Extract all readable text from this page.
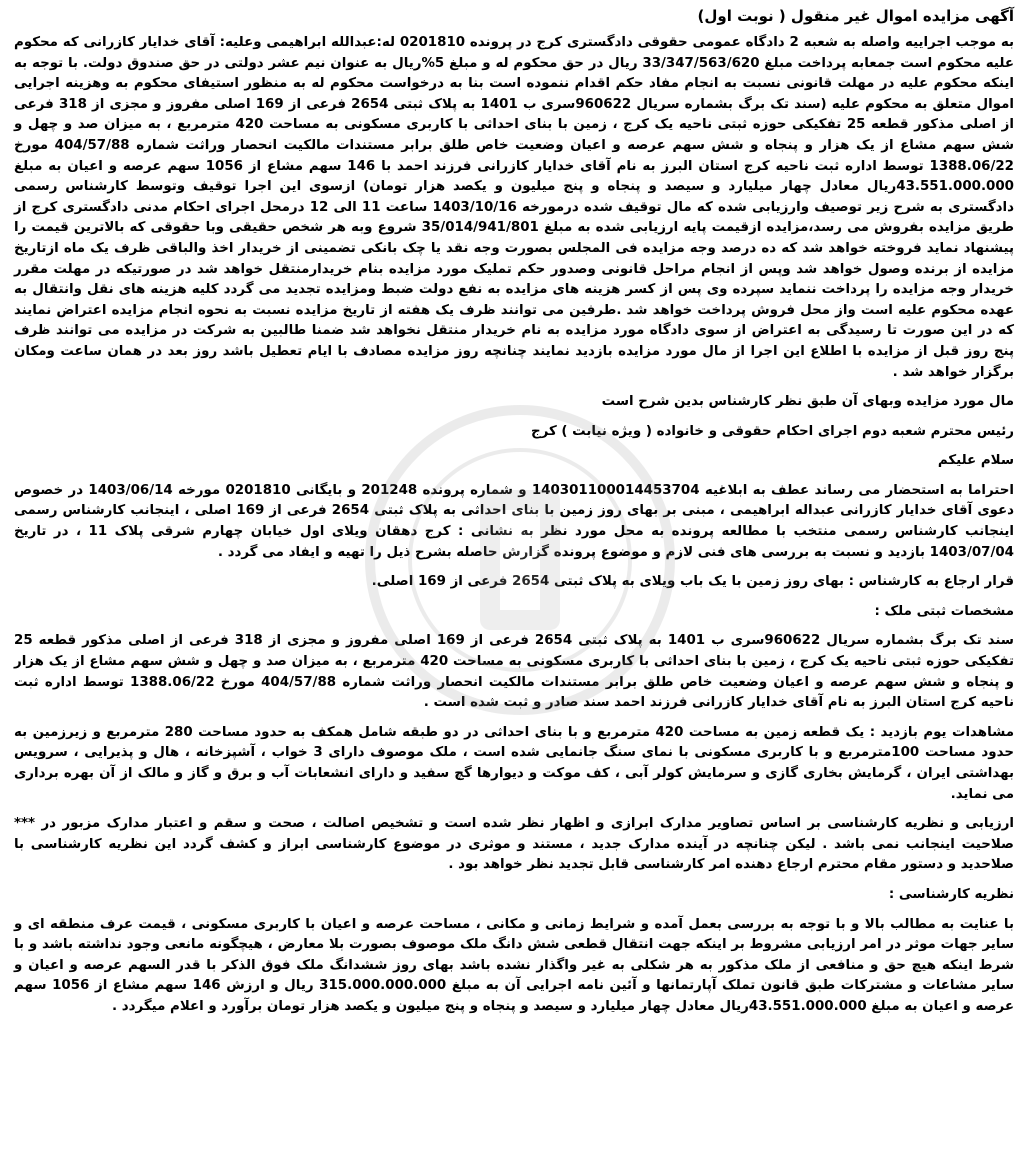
آگهی مزایده اموال غیر منقول ( نوبت اول)
به موجب اجراییه واصله به شعبه 2 دادگاه عمومی حقوقی دادگستری کرج در پرونده 0201810 له:عبدالله ابراهیمی وعلیه: آقای خدایار کازرانی که محکوم علیه محکوم است جمعابه پرداخت مبلغ 33/347/563/620 ریال در حق محکوم له و مبلغ 5%ریال به عنوان نیم عشر دولتی در حق صندوق دولت. با توجه به اینکه محکوم علیه در مهلت قانونی نسبت به انجام مفاد حکم اقدام ننموده است بنا به درخواست محکوم له به منظور استیفای محکوم به وهزینه اجرایی اموال متعلق به محکوم علیه (سند تک برگ بشماره سریال 960622سری ب 1401 به پلاک ثبتی 2654 فرعی از 169 اصلی مفروز و مجزی از 318 فرعی از اصلی مذکور قطعه 25 تفکیکی حوزه ثبتی ناحیه یک کرج ، زمین با بنای احداثی با کاربری مسکونی به مساحت 420 مترمربع ، به میزان صد و چهل و شش سهم مشاع از یک هزار و پنجاه و شش سهم عرصه و اعیان وضعیت خاص طلق برابر مستندات مالکیت انحصار وراثت شماره 404/57/88 مورخ 1388.06/22 توسط اداره ثبت ناحیه کرج استان البرز به نام آقای خدایار کازرانی فرزند احمد با 146 سهم مشاع از 1056 سهم عرصه و اعیان به مبلغ 43.551.000.000ریال معادل چهار میلیارد و سیصد و پنجاه و پنج میلیون و یکصد هزار تومان) ازسوی این اجرا توقیف وتوسط کارشناس رسمی دادگستری به شرح زیر توصیف وارزیابی شده که مال توقیف شده درمورخه 1403/10/16 ساعت 11 الی 12 درمحل اجرای احکام مدنی دادگستری کرج از طریق مزایده بفروش می رسد،مزایده ازقیمت پایه ارزیابی شده به مبلغ 35/014/941/801 شروع وبه هر شخص حقیقی وبا حقوقی که بالاترین قیمت را پیشنهاد نماید فروخته خواهد شد که ده درصد وجه مزایده فی المجلس بصورت وجه نقد یا چک بانکی تضمینی از خریدار اخذ والباقی ظرف یک ماه ازتاریخ مزایده از برنده وصول خواهد شد وپس از انجام مراحل قانونی وصدور حکم تملیک مورد مزایده بنام خریدارمنتقل خواهد شد در صورتیکه در مهلت مقرر خریدار وجه مزایده را پرداخت ننماید سپرده وی پس از کسر هزینه های مزایده به نفع دولت ضبط ومزایده تجدید می گردد کلیه هزینه های نقل وانتقال به عهده محکوم علیه است واز محل فروش پرداخت خواهد شد .طرفین می توانند ظرف یک هفته از تاریخ مزایده نسبت به نحوه انجام مزایده اعتراض نمایند که در این صورت تا رسیدگی به اعتراض از سوی دادگاه مورد مزایده به نام خریدار منتقل نخواهد شد ضمنا طالبین به شرکت در مزایده می توانند ظرف پنج روز قبل از مزایده با اطلاع این اجرا از مال مورد مزایده بازدید نمایند چنانچه روز مزایده مصادف با ایام تعطیل باشد روز بعد در همان ساعت ومکان برگزار خواهد شد .
مال مورد مزایده وبهای آن طبق نظر کارشناس بدین شرح است
رئیس محترم شعبه دوم اجرای احکام حقوقی و خانواده ( ویژه نیابت ) کرج
سلام علیکم
احتراما به استحضار می رساند عطف به ابلاغیه 140301100014453704 و شماره پرونده 201248 و بایگانی 0201810 مورخه 1403/06/14 در خصوص دعوی آقای خدایار کازرانی عبداله ابراهیمی ، مبنی بر بهای روز زمین با بنای احداثی به پلاک ثبتی 2654 فرعی از 169 اصلی ، اینجانب کارشناس رسمی اینجانب کارشناس رسمی منتخب با مطالعه پرونده به محل مورد نظر به نشانی : کرج دهقان ویلای اول خیابان چهارم شرقی پلاک 11 ، در تاریخ 1403/07/04 بازدید و نسبت به بررسی های فنی لازم و موضوع پرونده گزارش حاصله بشرح ذیل را تهیه و ایفاد می گردد .
قرار ارجاع به کارشناس : بهای روز زمین با یک باب ویلای به پلاک ثبتی 2654 فرعی از 169 اصلی.
مشخصات ثبتی ملک :
سند تک برگ بشماره سریال 960622سری ب 1401 به پلاک ثبتی 2654 فرعی از 169 اصلی مفروز و مجزی از 318 فرعی از اصلی مذکور قطعه 25 تفکیکی حوزه ثبتی ناحیه یک کرج ، زمین با بنای احداثی با کاربری مسکونی به مساحت 420 مترمربع ، به میزان صد و چهل و شش سهم مشاع از یک هزار و پنجاه و شش سهم عرصه و اعیان وضعیت خاص طلق برابر مستندات مالکیت انحصار وراثت شماره 404/57/88 مورخ 1388.06/22 توسط اداره ثبت ناحیه کرج استان البرز به نام آقای خدایار کازرانی فرزند احمد سند صادر و ثبت شده است .
مشاهدات یوم بازدید : یک قطعه زمین به مساحت 420 مترمربع و با بنای احداثی در دو طبقه شامل همکف به حدود مساحت 280 مترمربع و زیرزمین به حدود مساحت 100مترمربع و با کاربری مسکونی با نمای سنگ جانمایی شده است ، ملک موصوف دارای 3 خواب ، آشپزخانه ، هال و پذیرایی ، سرویس بهداشتی ایران ، گرمایش بخاری گازی و سرمایش کولر آبی ، کف موکت و دیوارها گچ سفید و دارای انشعابات آب و برق و گاز و مالک از آن بهره برداری می نماید.
ارزیابی و نظریه کارشناسی بر اساس تصاویر مدارک ابرازی و اظهار نظر شده است و تشخیص اصالت ، صحت و سقم و اعتبار مدارک مزبور در *** صلاحیت اینجانب نمی باشد . لیکن چنانچه در آینده مدارک جدید ، مستند و موثری در موضوع کارشناسی ابراز و کشف گردد این نظریه کارشناسی با صلاحدید و دستور مقام محترم ارجاع دهنده امر کارشناسی قابل تجدید نظر خواهد بود .
نظریه کارشناسی :
با عنایت به مطالب بالا و با توجه به بررسی بعمل آمده و شرایط زمانی و مکانی ، مساحت عرصه و اعیان با کاربری مسکونی ، قیمت عرف منطقه ای و سایر جهات موثر در امر ارزیابی مشروط بر اینکه جهت انتقال قطعی شش دانگ ملک موصوف بصورت بلا معارض ، هیچگونه مانعی وجود نداشته باشد و با شرط اینکه هیچ حق و منافعی از ملک مذکور به هر شکلی به غیر واگذار نشده باشد بهای روز ششدانگ ملک فوق الذکر با قدر السهم عرصه و اعیان و سایر مشاعات و مشترکات طبق قانون تملک آپارتمانها و آئین نامه اجرایی آن به مبلغ 315.000.000.000 ریال و ارزش 146 سهم مشاع از 1056 سهم عرصه و اعیان به مبلغ 43.551.000.000ریال معادل چهار میلیارد و سیصد و پنجاه و پنج میلیون و یکصد هزار تومان برآورد و اعلام میگردد .
